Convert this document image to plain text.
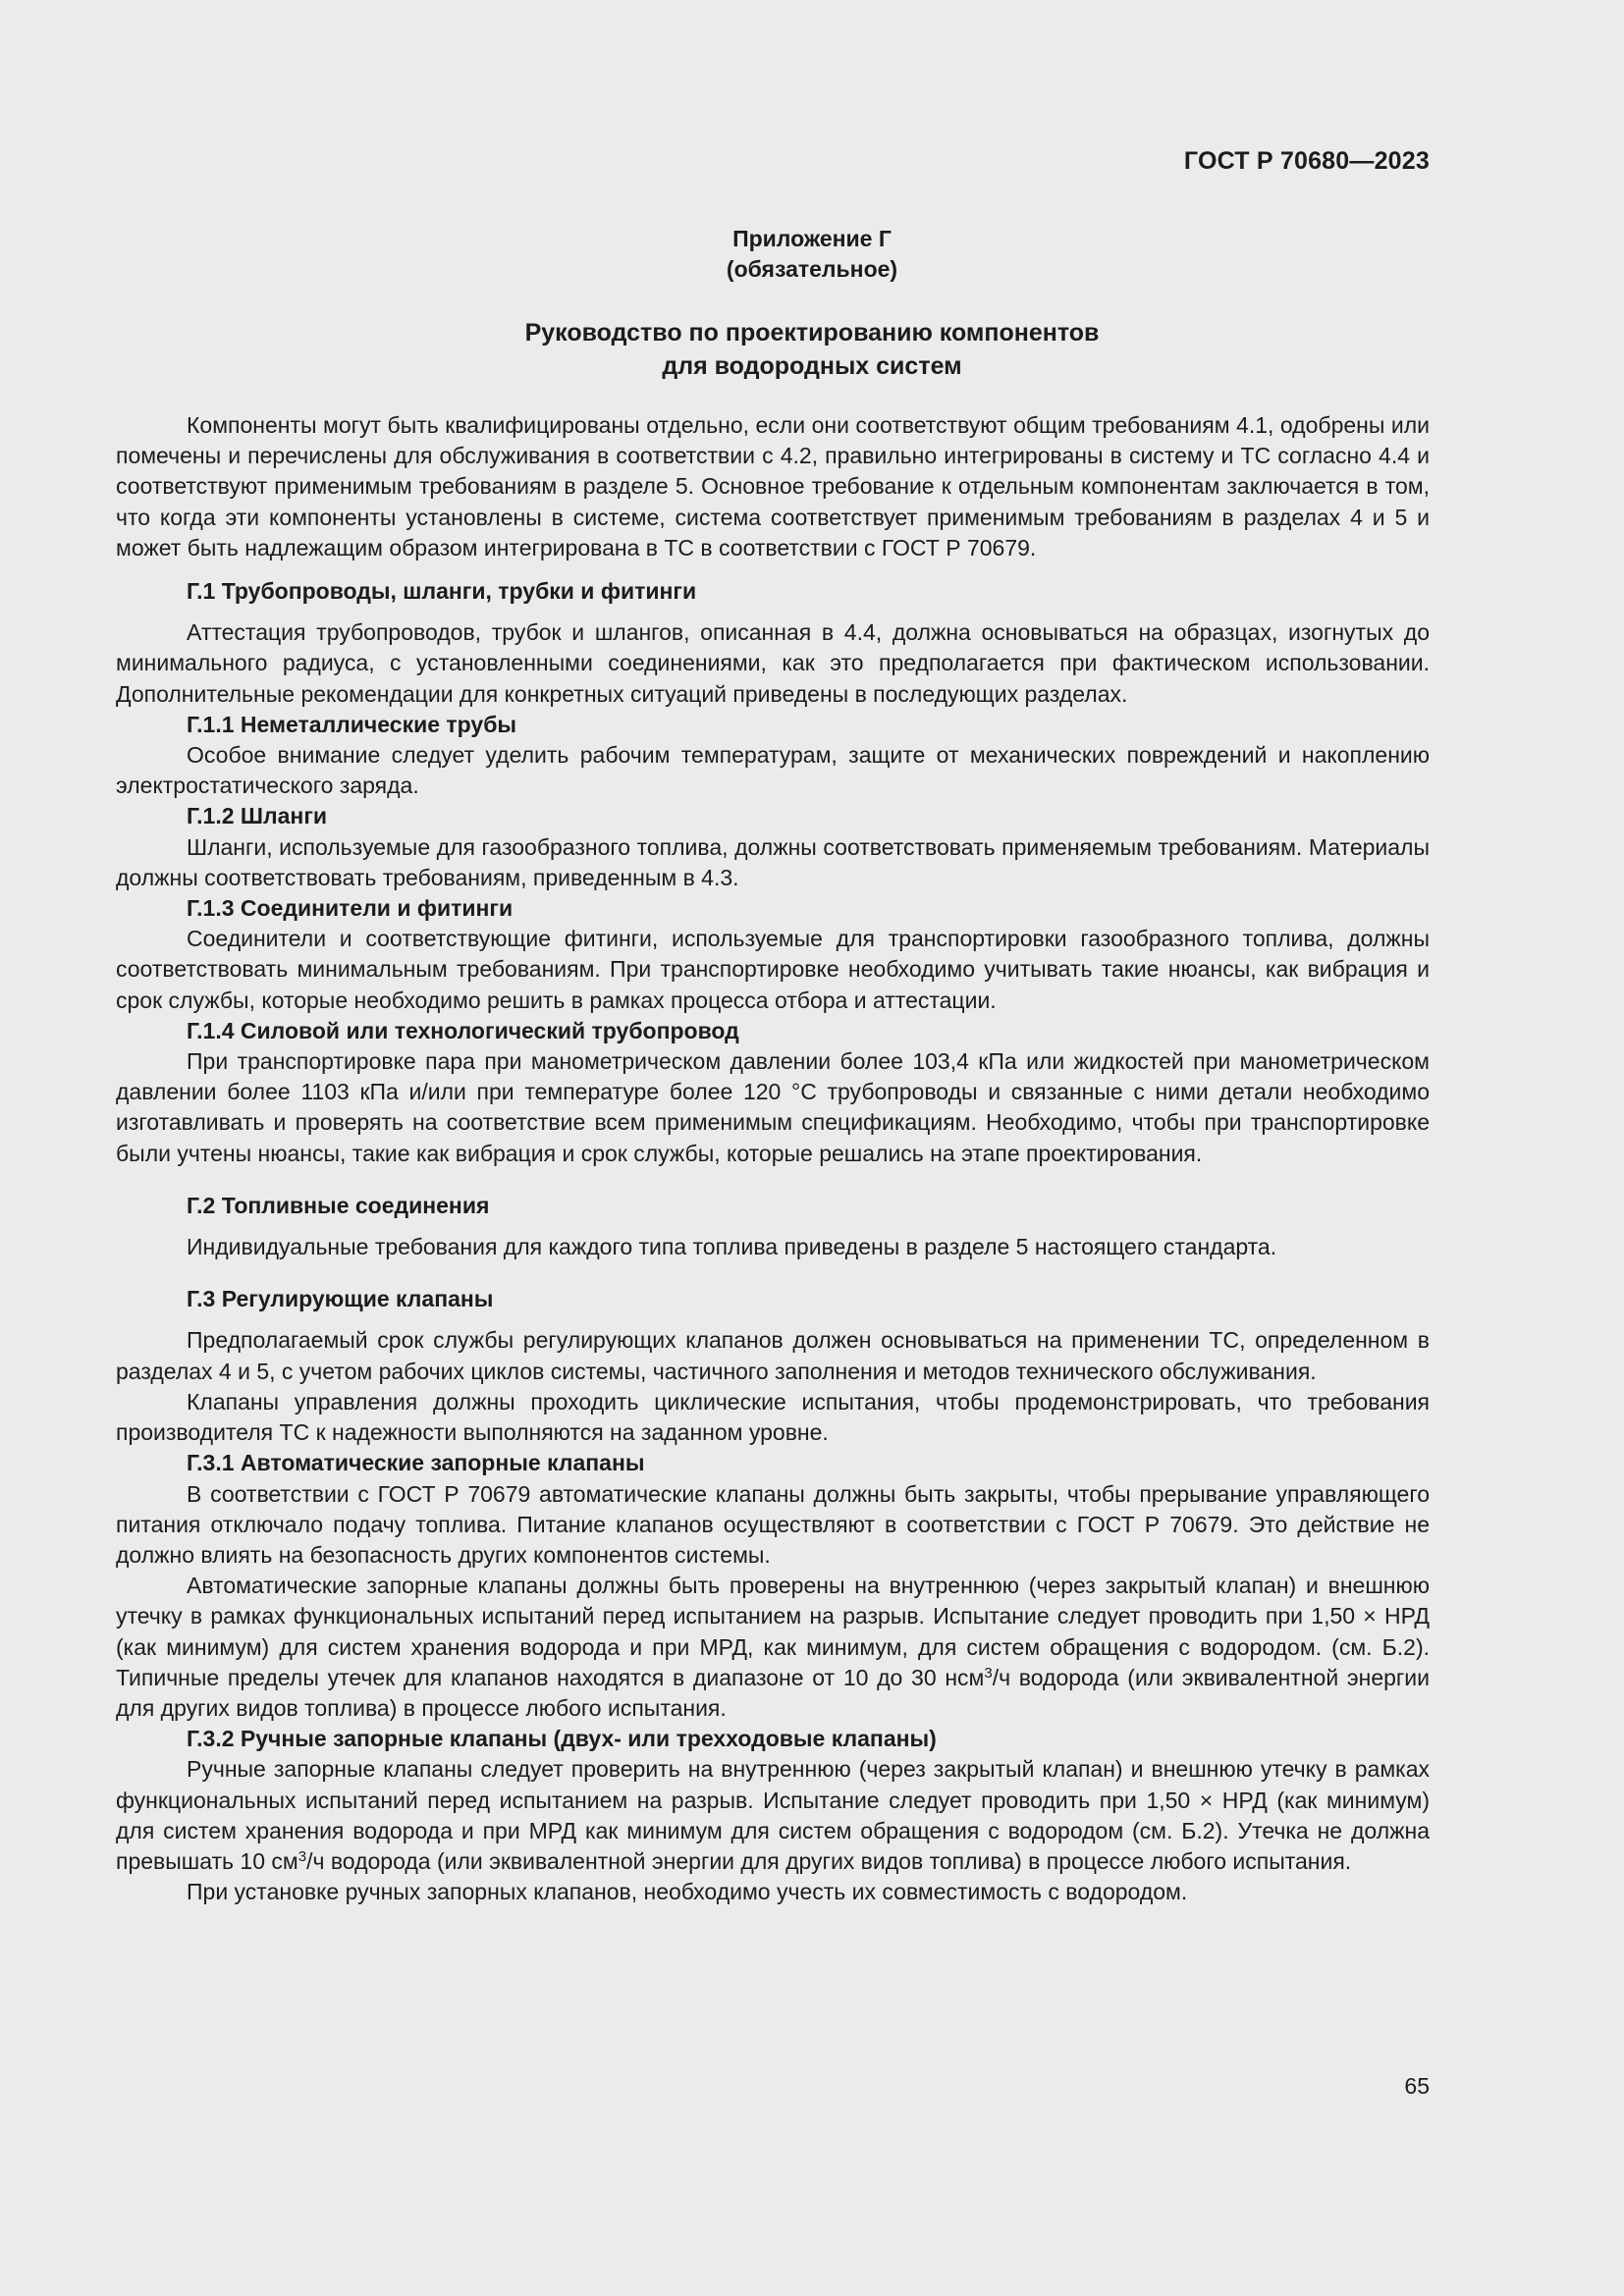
ГОСТ Р 70680—2023
Приложение Г
(обязательное)
Руководство по проектированию компонентов
для водородных систем

Компоненты могут быть квалифицированы отдельно, если они соответствуют общим требованиям 4.1, одобрены или помечены и перечислены для обслуживания в соответствии с 4.2, правильно интегрированы в систему и ТС согласно 4.4 и соответствуют применимым требованиям в разделе 5. Основное требование к отдельным компонентам заключается в том, что когда эти компоненты установлены в системе, система соответствует применимым требованиям в разделах 4 и 5 и может быть надлежащим образом интегрирована в ТС в соответствии с ГОСТ Р 70679.

Г.1 Трубопроводы, шланги, трубки и фитинги

Аттестация трубопроводов, трубок и шлангов, описанная в 4.4, должна основываться на образцах, изогнутых до минимального радиуса, с установленными соединениями, как это предполагается при фактическом использовании. Дополнительные рекомендации для конкретных ситуаций приведены в последующих разделах.

Г.1.1 Неметаллические трубы

Особое внимание следует уделить рабочим температурам, защите от механических повреждений и накоплению электростатического заряда.

Г.1.2 Шланги

Шланги, используемые для газообразного топлива, должны соответствовать применяемым требованиям. Материалы должны соответствовать требованиям, приведенным в 4.3.

Г.1.3 Соединители и фитинги

Соединители и соответствующие фитинги, используемые для транспортировки газообразного топлива, должны соответствовать минимальным требованиям. При транспортировке необходимо учитывать такие нюансы, как вибрация и срок службы, которые необходимо решить в рамках процесса отбора и аттестации.

Г.1.4 Силовой или технологический трубопровод

При транспортировке пара при манометрическом давлении более 103,4 кПа или жидкостей при манометрическом давлении более 1103 кПа и/или при температуре более 120 °C трубопроводы и связанные с ними детали необходимо изготавливать и проверять на соответствие всем применимым спецификациям. Необходимо, чтобы при транспортировке были учтены нюансы, такие как вибрация и срок службы, которые решались на этапе проектирования.

Г.2 Топливные соединения

Индивидуальные требования для каждого типа топлива приведены в разделе 5 настоящего стандарта.

Г.3 Регулирующие клапаны

Предполагаемый срок службы регулирующих клапанов должен основываться на применении ТС, определенном в разделах 4 и 5, с учетом рабочих циклов системы, частичного заполнения и методов технического обслуживания.

Клапаны управления должны проходить циклические испытания, чтобы продемонстрировать, что требования производителя ТС к надежности выполняются на заданном уровне.

Г.3.1 Автоматические запорные клапаны

В соответствии с ГОСТ Р 70679 автоматические клапаны должны быть закрыты, чтобы прерывание управляющего питания отключало подачу топлива. Питание клапанов осуществляют в соответствии с ГОСТ Р 70679. Это действие не должно влиять на безопасность других компонентов системы.

Автоматические запорные клапаны должны быть проверены на внутреннюю (через закрытый клапан) и внешнюю утечку в рамках функциональных испытаний перед испытанием на разрыв. Испытание следует проводить при 1,50 × НРД (как минимум) для систем хранения водорода и при МРД, как минимум, для систем обращения с водородом. (см. Б.2). Типичные пределы утечек для клапанов находятся в диапазоне от 10 до 30 нсм$^3$/ч водорода (или эквивалентной энергии для других видов топлива) в процессе любого испытания.

Г.3.2 Ручные запорные клапаны (двух- или трехходовые клапаны)

Ручные запорные клапаны следует проверить на внутреннюю (через закрытый клапан) и внешнюю утечку в рамках функциональных испытаний перед испытанием на разрыв. Испытание следует проводить при 1,50 × НРД (как минимум) для систем хранения водорода и при МРД как минимум для систем обращения с водородом (см. Б.2). Утечка не должна превышать 10 $см^3/ч$ водорода (или эквивалентной энергии для других видов топлива) в процессе любого испытания.

При установке ручных запорных клапанов, необходимо учесть их совместимость с водородом.

65
